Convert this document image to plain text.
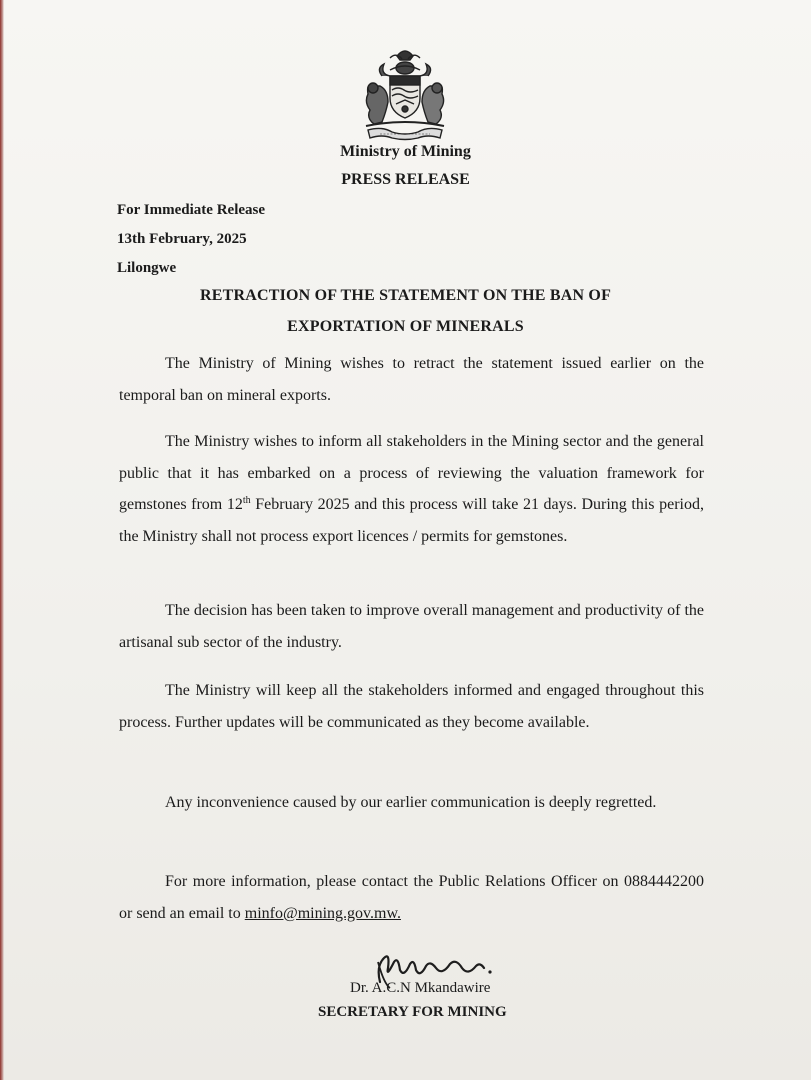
Ministry of Mining
PRESS RELEASE
For Immediate Release
13th February, 2025
Lilongwe
RETRACTION OF THE STATEMENT ON THE BAN OF
EXPORTATION OF MINERALS

The Ministry of Mining wishes to retract the statement issued earlier on the temporal ban on mineral exports.

The Ministry wishes to inform all stakeholders in the Mining sector and the general public that it has embarked on a process of reviewing the valuation framework for gemstones from 12th February 2025 and this process will take 21 days. During this period, the Ministry shall not process export licences / permits for gemstones.

The decision has been taken to improve overall management and productivity of the artisanal sub sector of the industry.

The Ministry will keep all the stakeholders informed and engaged throughout this process. Further updates will be communicated as they become available.

Any inconvenience caused by our earlier communication is deeply regretted.

For more information, please contact the Public Relations Officer on 0884442200 or send an email to minfo@mining.gov.mw.

Dr. A.C.N Mkandawire
SECRETARY FOR MINING
